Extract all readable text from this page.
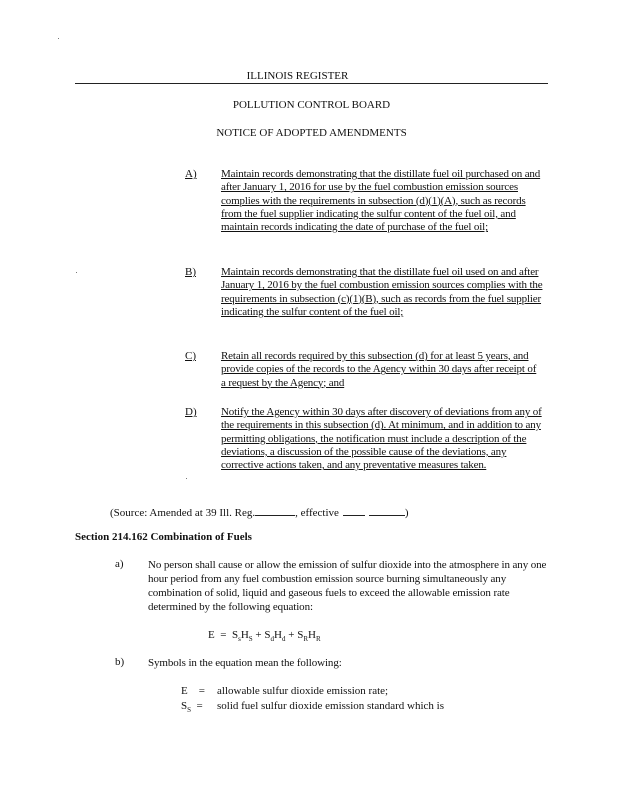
ILLINOIS REGISTER
POLLUTION CONTROL BOARD
NOTICE OF ADOPTED AMENDMENTS
A)	Maintain records demonstrating that the distillate fuel oil purchased on and after January 1, 2016 for use by the fuel combustion emission sources complies with the requirements in subsection (d)(1)(A), such as records from the fuel supplier indicating the sulfur content of the fuel oil, and maintain records indicating the date of purchase of the fuel oil;
B)	Maintain records demonstrating that the distillate fuel oil used on and after January 1, 2016 by the fuel combustion emission sources complies with the requirements in subsection (c)(1)(B), such as records from the fuel supplier indicating the sulfur content of the fuel oil;
C)	Retain all records required by this subsection (d) for at least 5 years, and provide copies of the records to the Agency within 30 days after receipt of a request by the Agency; and
D)	Notify the Agency within 30 days after discovery of deviations from any of the requirements in this subsection (d). At minimum, and in addition to any permitting obligations, the notification must include a description of the deviations, a discussion of the possible cause of the deviations, any corrective actions taken, and any preventative measures taken.
(Source: Amended at 39 Ill. Reg.	, effective	)
Section 214.162 Combination of Fuels
a) No person shall cause or allow the emission of sulfur dioxide into the atmosphere in any one hour period from any fuel combustion emission source burning simultaneously any combination of solid, liquid and gaseous fuels to exceed the allowable emission rate determined by the following equation:
$E = S_sH_S + S_dH_d + S_RH_R$
b) Symbols in the equation mean the following:
E =	allowable sulfur dioxide emission rate;
$S_S$ =	solid fuel sulfur dioxide emission standard which is
